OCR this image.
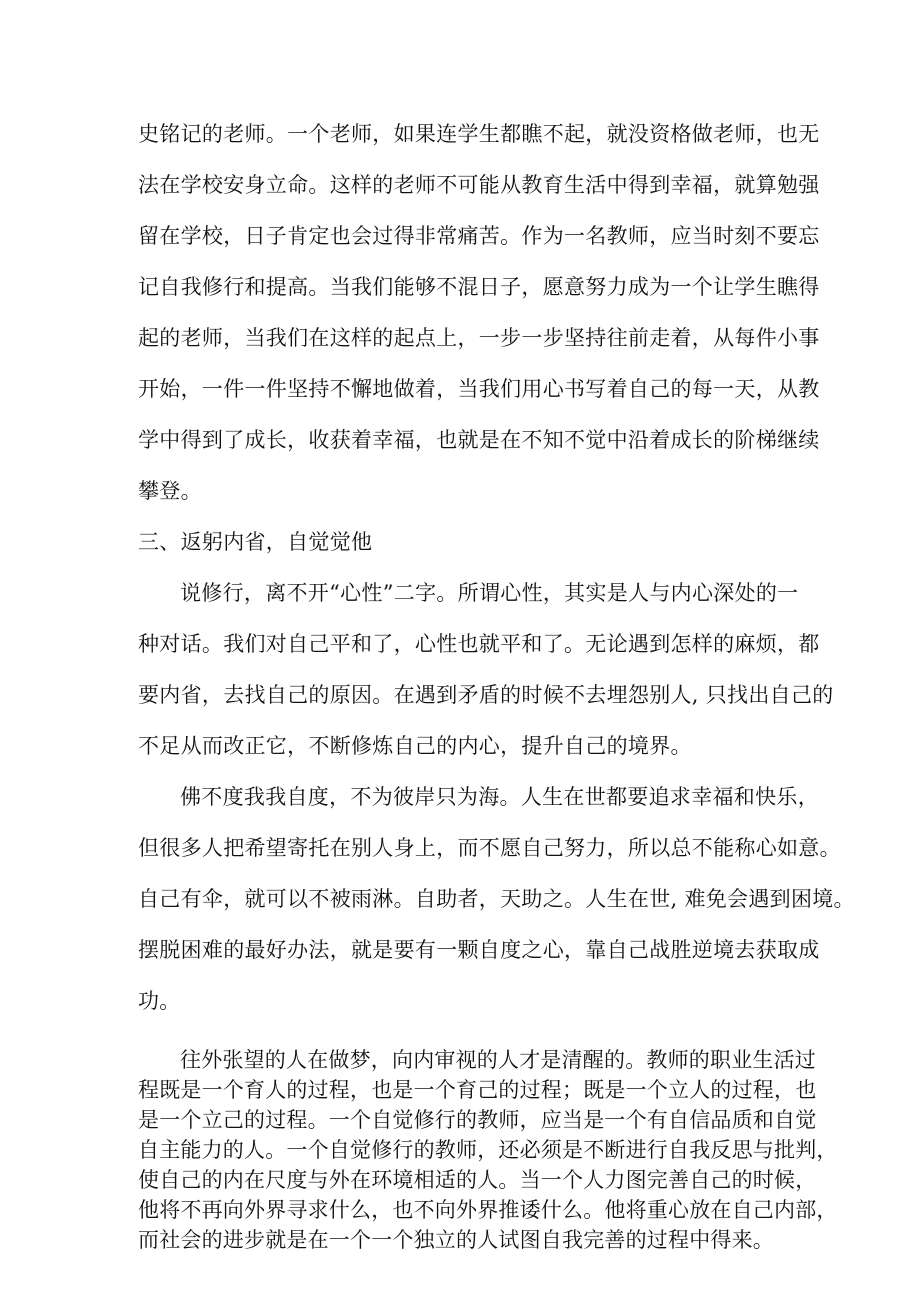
史铭记的老师。一个老师，如果连学生都瞧不起，就没资格做老师，也无
法在学校安身立命。这样的老师不可能从教育生活中得到幸福，就算勉强
留在学校，日子肯定也会过得非常痛苦。作为一名教师，应当时刻不要忘
记自我修行和提高。当我们能够不混日子，愿意努力成为一个让学生瞧得
起的老师，当我们在这样的起点上，一步一步坚持往前走着，从每件小事
开始，一件一件坚持不懈地做着，当我们用心书写着自己的每一天，从教
学中得到了成长，收获着幸福，也就是在不知不觉中沿着成长的阶梯继续
攀登。
三、返躬内省，自觉觉他
说修行，离不开“心性”二字。所谓心性，其实是人与内心深处的一
种对话。我们对自己平和了，心性也就平和了。无论遇到怎样的麻烦，都
要内省，去找自己的原因。在遇到矛盾的时候不去埋怨别人, 只找出自己的
不足从而改正它，不断修炼自己的内心，提升自己的境界。
佛不度我我自度，不为彼岸只为海。人生在世都要追求幸福和快乐，
但很多人把希望寄托在别人身上，而不愿自己努力，所以总不能称心如意。
自己有伞，就可以不被雨淋。自助者，天助之。人生在世, 难免会遇到困境。
摆脱困难的最好办法，就是要有一颗自度之心，靠自己战胜逆境去获取成
功。
往外张望的人在做梦，向内审视的人才是清醒的。教师的职业生活过
程既是一个育人的过程，也是一个育己的过程；既是一个立人的过程，也
是一个立己的过程。一个自觉修行的教师，应当是一个有自信品质和自觉
自主能力的人。一个自觉修行的教师，还必须是不断进行自我反思与批判，
使自己的内在尺度与外在环境相适的人。当一个人力图完善自己的时候，
他将不再向外界寻求什么，也不向外界推诿什么。他将重心放在自己内部，
而社会的进步就是在一个一个独立的人试图自我完善的过程中得来。
